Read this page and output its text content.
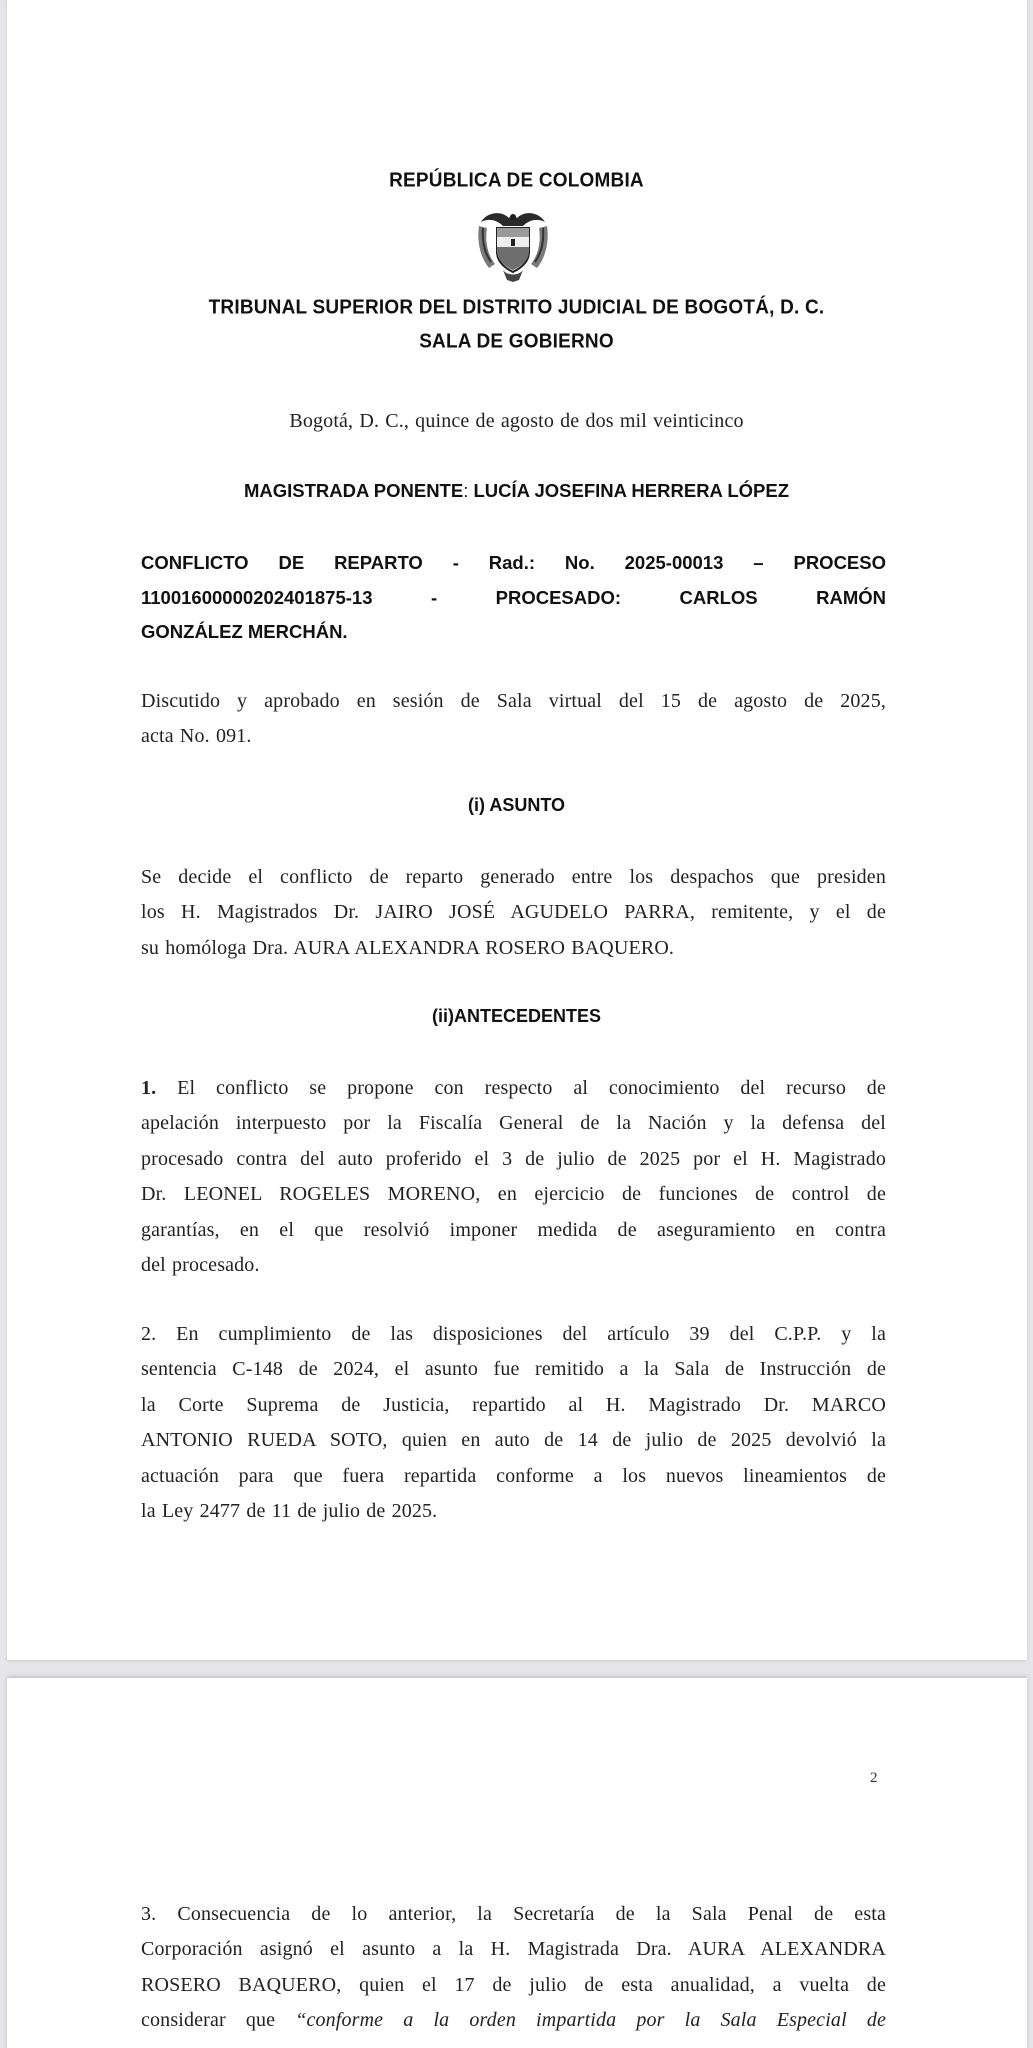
REPÚBLICA DE COLOMBIA
TRIBUNAL SUPERIOR DEL DISTRITO JUDICIAL DE BOGOTÁ, D. C.
SALA DE GOBIERNO
Bogotá, D. C., quince de agosto de dos mil veinticinco
MAGISTRADA PONENTE: LUCÍA JOSEFINA HERRERA LÓPEZ
CONFLICTO DE REPARTO - Rad.: No. 2025-00013 – PROCESO
11001600000202401875-13 - PROCESADO: CARLOS RAMÓN
GONZÁLEZ MERCHÁN.
Discutido y aprobado en sesión de Sala virtual del 15 de agosto de 2025,
acta No. 091.
(i) ASUNTO
Se decide el conflicto de reparto generado entre los despachos que presiden
los H. Magistrados Dr. JAIRO JOSÉ AGUDELO PARRA, remitente, y el de
su homóloga Dra. AURA ALEXANDRA ROSERO BAQUERO.
(ii)ANTECEDENTES
1. El conflicto se propone con respecto al conocimiento del recurso de
apelación interpuesto por la Fiscalía General de la Nación y la defensa del
procesado contra del auto proferido el 3 de julio de 2025 por el H. Magistrado
Dr. LEONEL ROGELES MORENO, en ejercicio de funciones de control de
garantías, en el que resolvió imponer medida de aseguramiento en contra
del procesado.
2. En cumplimiento de las disposiciones del artículo 39 del C.P.P. y la
sentencia C-148 de 2024, el asunto fue remitido a la Sala de Instrucción de
la Corte Suprema de Justicia, repartido al H. Magistrado Dr. MARCO
ANTONIO RUEDA SOTO, quien en auto de 14 de julio de 2025 devolvió la
actuación para que fuera repartida conforme a los nuevos lineamientos de
la Ley 2477 de 11 de julio de 2025.
2
3. Consecuencia de lo anterior, la Secretaría de la Sala Penal de esta
Corporación asignó el asunto a la H. Magistrada Dra. AURA ALEXANDRA
ROSERO BAQUERO, quien el 17 de julio de esta anualidad, a vuelta de
considerar que “conforme a la orden impartida por la Sala Especial de
